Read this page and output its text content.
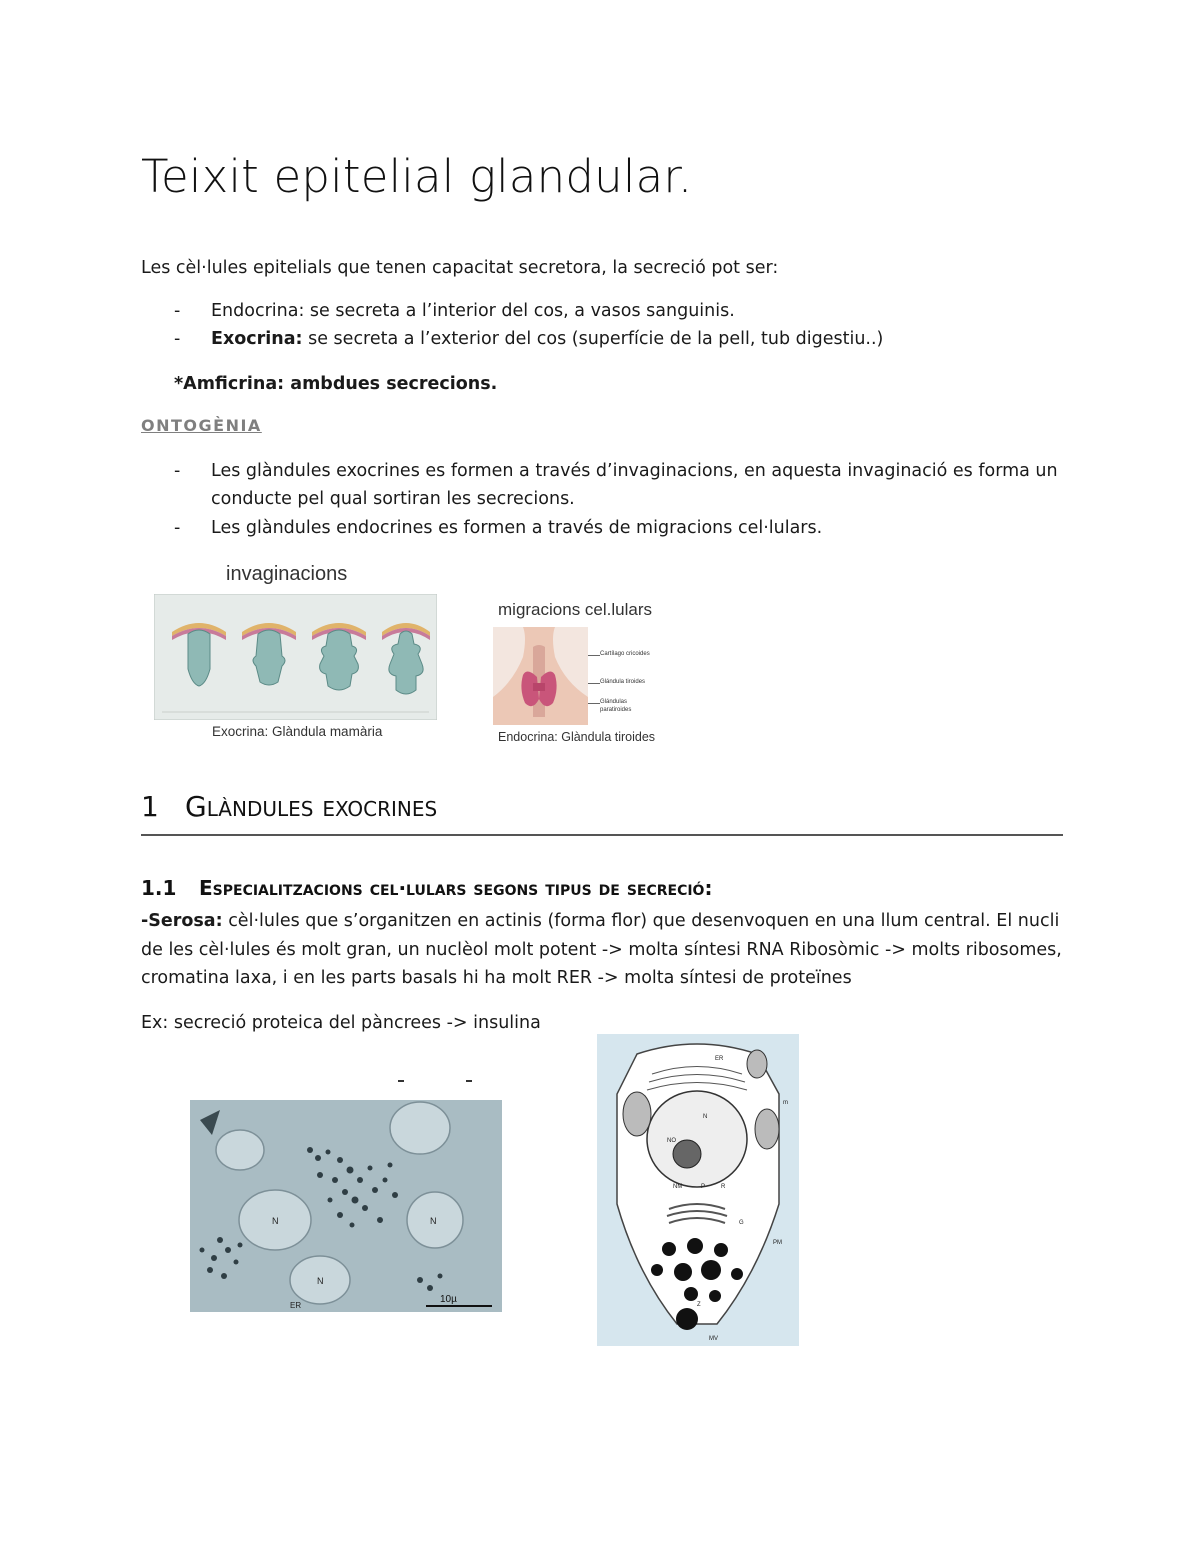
Teixit epitelial glandular.
Les cèl·lules epitelials que tenen capacitat secretora, la secreció pot ser:
- Endocrina: se secreta a l’interior del cos, a vasos sanguinis.
- Exocrina: se secreta a l’exterior del cos (superfície de la pell, tub digestiu..)
*Amficrina: ambdues secrecions.
ONTOGÈNIA
- Les glàndules exocrines es formen a través d’invaginacions, en aquesta invaginació es forma un
conducte pel qual sortiran les secrecions.
- Les glàndules endocrines es formen a través de migracions cel·lulars.
invaginacions
Exocrina: Glàndula mamària
migracions cel.lulars
Cartílago cricoides
Glándula tiroides
Glándulas
paratiroides
Endocrina: Glàndula tiroides
1 Glàndules exocrines
1.1 Especialitzacions cel·lulars segons tipus de secreció:
-Serosa: cèl·lules que s’organitzen en actinis (forma flor) que desenvoquen en una llum central. El nucli
de les cèl·lules és molt gran, un nuclèol molt potent -> molta síntesi RNA Ribosòmic -> molts ribosomes,
cromatina laxa, i en les parts basals hi ha molt RER -> molta síntesi de proteïnes
Ex: secreció proteica del pàncrees -> insulina
N
N
N
ER
10µ
ER
N
NO
NM	P	R
G
PM
Z
MV
m
